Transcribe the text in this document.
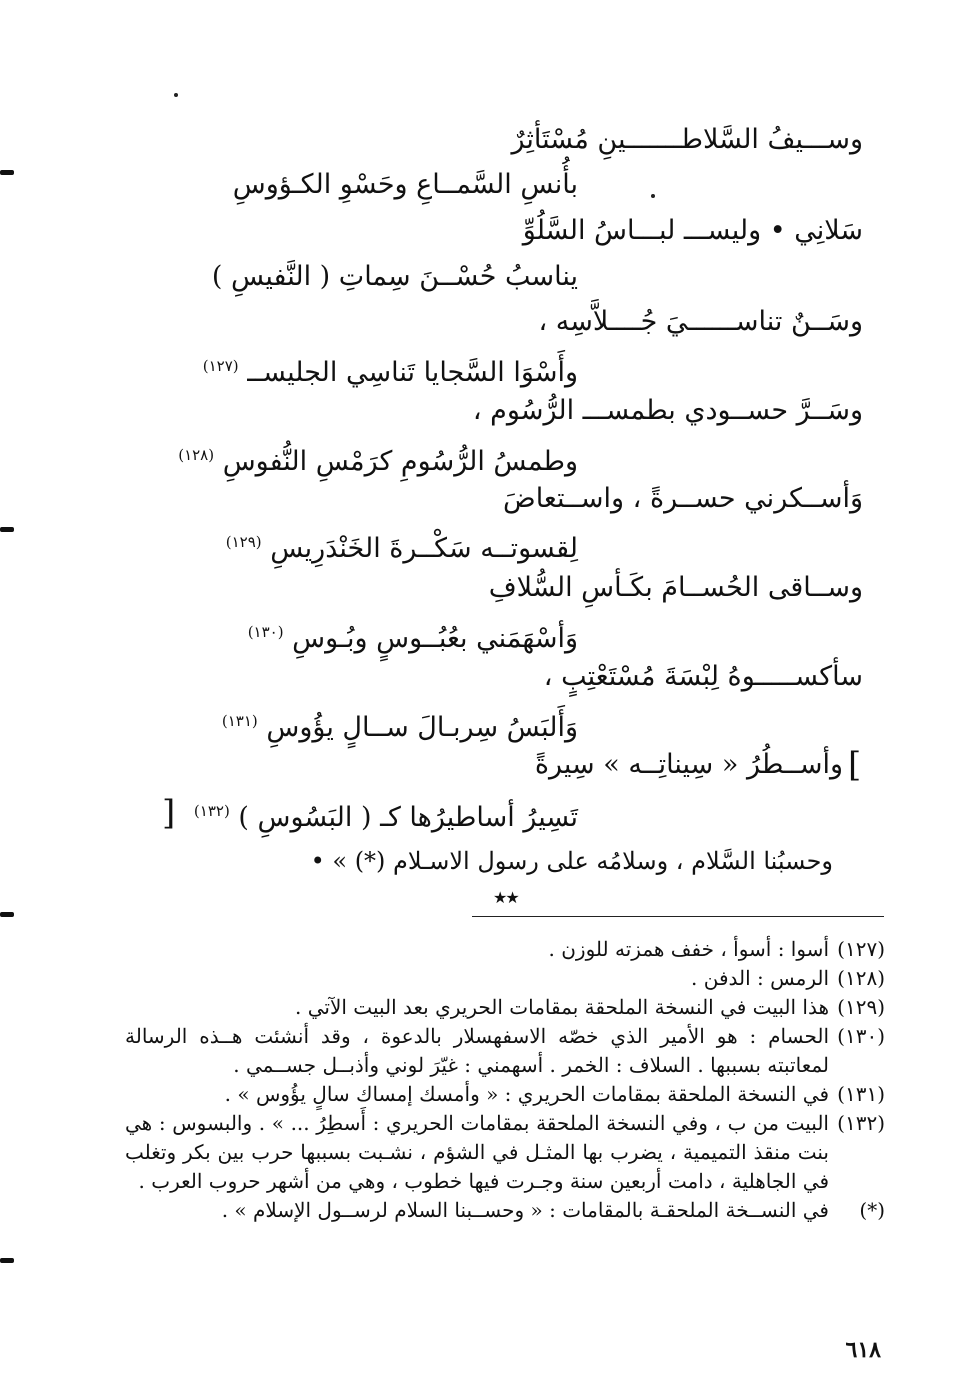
وســـيفُ السَّلاطـــــــينِ مُسْتَأثِرٌ
بأُنسِ السَّمــاعِ وحَسْوِ الكـؤوسِ
سَلانِي • وليســـ لبـــاسُ السَّلُوِّ
يناسبُ حُسْــنَ سِماتِ ( النَّفيسِ )
وسَــنٌ تناســــــيَ جُــــلاَّسِه ،
وأَسْوَا السَّجايا تَناسِي الجليســ $^{(١٢٧)}$
وسَــرَّ حســودي بطمســـ الرُّسُوم ،
وطمسُ الرُّسُومِ كرَمْسِ النُّفوسِ $^{(١٢٨)}$
وَأســكرني حســرةً ، واســتعاضَ
لِقسوتــه سَكْــرةَ الخَنْدَرِيسِ $^{(١٢٩)}$
وســاقى الحُســامَ بكَـأسِ السُّلافِ
وَأسْهَمَني بعُبُــوسٍ وبُـوسِ $^{(١٣٠)}$
سأكســـــوهُ لِبْسَةَ مُسْتَعْتِبٍ ،
وَأَلبَسُ سِربـالَ ســالٍ يؤُوسِ $^{(١٣١)}$
وأســطُرُ « سِيناتِــه » سِيرةً
تَسِيرُ أساطيرُها كـ ( البَسُوسِ ) $^{(١٣٢)}$
[
]
وحسبُنا السَّلام ، وسلامُه على رسول الاسـلام (*) » •
★★
(١٢٧)
أسوا : أسوأ ، خفف همزته للوزن .
(١٢٨)
الرمس : الدفن .
(١٢٩)
هذا البيت في النسخة الملحقة بمقامات الحريري بعد البيت الآتي .
(١٣٠)
الحسام : هو الأمير الذي خصّه الاسفهسلار بالدعوة ، وقد أنشئت هــذه الرسالة لمعاتبته بسببها . السلاف : الخمر . أسهمني : غيّرَ لوني وأذبــل جســمي .
(١٣١)
في النسخة الملحقة بمقامات الحريري : « وأمسك إمساك سالٍ يؤُوس » .
(١٣٢)
البيت من ب ، وفي النسخة الملحقة بمقامات الحريري : أَسطِرُ ... » . والبسوس : هي بنت منقذ التميمية ، يضرب بها المثـل في الشؤم ، نشـبت بسببها حرب بين بكر وتغلب في الجاهلية ، دامت أربعين سنة وجـرت فيها خطوب ، وهي من أشهر حروب العرب .
(*)
في النســخة الملحقـة بالمقامات : « وحســبنا السلام لرســول الإسلام » .
٦١٨
